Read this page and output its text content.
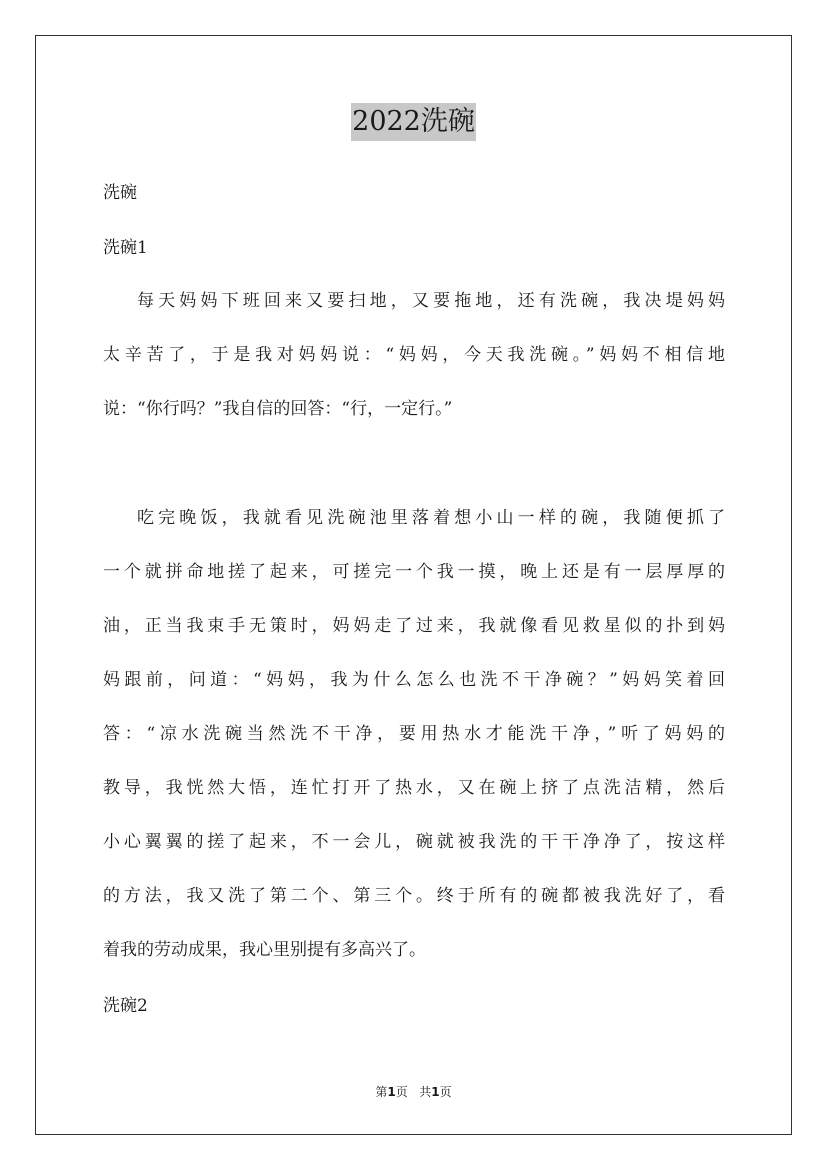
2022洗碗
洗碗
洗碗1
每天妈妈下班回来又要扫地，又要拖地，还有洗碗，我决堤妈妈
太辛苦了，于是我对妈妈说：“妈妈，今天我洗碗。”妈妈不相信地
说：“你行吗？”我自信的回答：“行，一定行。”
吃完晚饭，我就看见洗碗池里落着想小山一样的碗，我随便抓了
一个就拼命地搓了起来，可搓完一个我一摸，晚上还是有一层厚厚的
油，正当我束手无策时，妈妈走了过来，我就像看见救星似的扑到妈
妈跟前，问道：“妈妈，我为什么怎么也洗不干净碗？”妈妈笑着回
答：“凉水洗碗当然洗不干净，要用热水才能洗干净，”听了妈妈的
教导，我恍然大悟，连忙打开了热水，又在碗上挤了点洗洁精，然后
小心翼翼的搓了起来，不一会儿，碗就被我洗的干干净净了，按这样
的方法，我又洗了第二个、第三个。终于所有的碗都被我洗好了，看
着我的劳动成果，我心里别提有多高兴了。
洗碗2
第1页 共1页
